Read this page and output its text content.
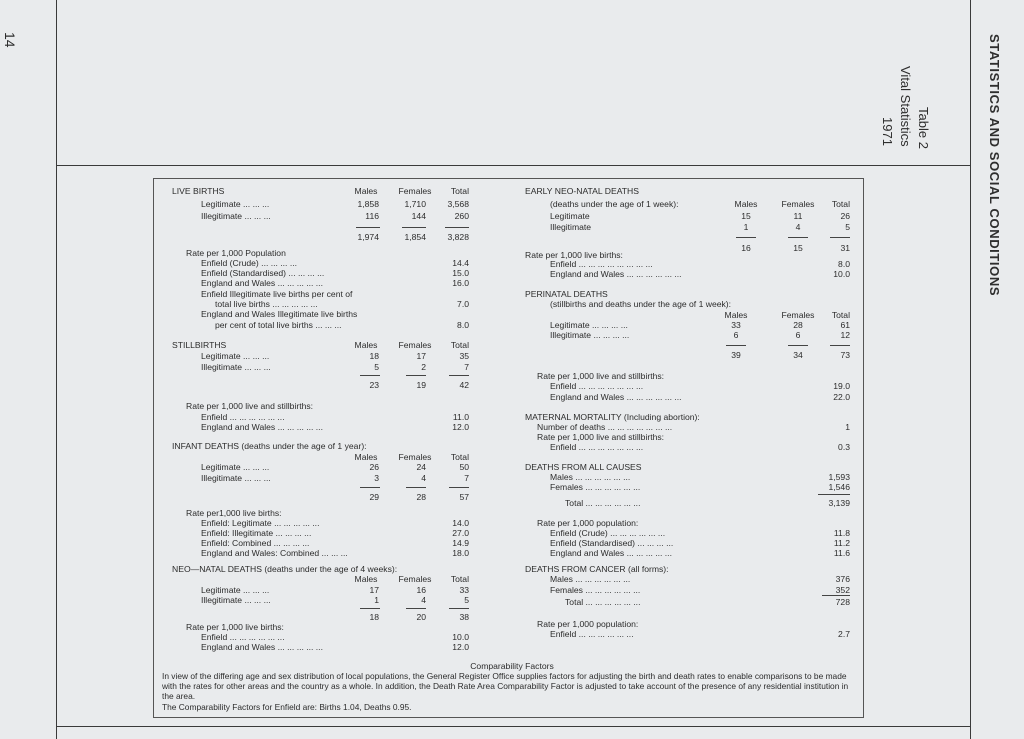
14	STATISTICS AND SOCIAL CONDITIONS
Table 2
Vital Statistics
1971
LIVE BIRTHS	Males	Females	Total
Legitimate ... ... ...	1,858	1,710	3,568
Illegitimate ... ... ...	116	144	260
1,974	1,854	3,828
Rate per 1,000 Population
Enfield (Crude) ... ... ... ...	14.4
Enfield (Standardised) ... ... ... ...	15.0
England and Wales ... ... ... ... ...	16.0
Enfield Illegitimate live births per cent of
total live births ... ... ... ... ...	7.0
England and Wales Illegitimate live births
per cent of total live births ... ... ...	8.0
STILLBIRTHS	Males	Females	Total
Legitimate ... ... ...	18	17	35
Illegitimate ... ... ...	5	2	7
23	19	42
Rate per 1,000 live and stillbirths:
Enfield ... ... ... ... ... ...	11.0
England and Wales ... ... ... ... ...	12.0
INFANT DEATHS (deaths under the age of 1 year):
Males	Females	Total
Legitimate ... ... ...	26	24	50
Illegitimate ... ... ...	3	4	7
29	28	57
Rate per1,000 live births:
Enfield: Legitimate ... ... ... ... ...	14.0
Enfield: Illegitimate ... ... ... ...	27.0
Enfield: Combined ... ... ... ...	14.9
England and Wales: Combined ... ... ...	18.0
NEO—NATAL DEATHS (deaths under the age of 4 weeks):
Males	Females	Total
Legitimate ... ... ...	17	16	33
Illegitimate ... ... ...	1	4	5
18	20	38
Rate per 1,000 live births:
Enfield ... ... ... ... ... ...	10.0
England and Wales ... ... ... ... ...	12.0
EARLY NEO-NATAL DEATHS
(deaths under the age of 1 week):	Males	Females	Total
Legitimate	15	11	26
Illegitimate	1	4	5
16	15	31
Rate per 1,000 live births:
Enfield ... ... ... ... ... ... ... ...	8.0
England and Wales ... ... ... ... ... ...	10.0
PERINATAL DEATHS
(stillbirths and deaths under the age of 1 week):
Males	Females	Total
Legitimate ... ... ... ...	33	28	61
Illegitimate ... ... ... ...	6	6	12
39	34	73
Rate per 1,000 live and stillbirths:
Enfield ... ... ... ... ... ... ...	19.0
England and Wales ... ... ... ... ... ...	22.0
MATERNAL MORTALITY (Including abortion):
Number of deaths ... ... ... ... ... ... ...	1
Rate per 1,000 live and stillbirths:
Enfield ... ... ... ... ... ... ...	0.3
DEATHS FROM ALL CAUSES
Males ... ... ... ... ... ...	1,593
Females ... ... ... ... ... ...	1,546
Total ... ... ... ... ... ...	3,139
Rate per 1,000 population:
Enfield (Crude) ... ... ... ... ... ...	11.8
Enfield (Standardised) ... ... ... ...	11.2
England and Wales ... ... ... ... ...	11.6
DEATHS FROM CANCER (all forms):
Males ... ... ... ... ... ...	376
Females ... ... ... ... ... ...	352
Total ... ... ... ... ... ...	728
Rate per 1,000 population:
Enfield ... ... ... ... ... ...	2.7
Comparability Factors
In view of the differing age and sex distribution of local populations, the General Register Office supplies factors for adjusting the birth and death rates to enable comparisons to be made with the rates for other areas and the country as a whole. In addition, the Death Rate Area Comparability Factor is adjusted to take account of the presence of any residential institution in the area.
The Comparability Factors for Enfield are: Births 1.04, Deaths 0.95.
